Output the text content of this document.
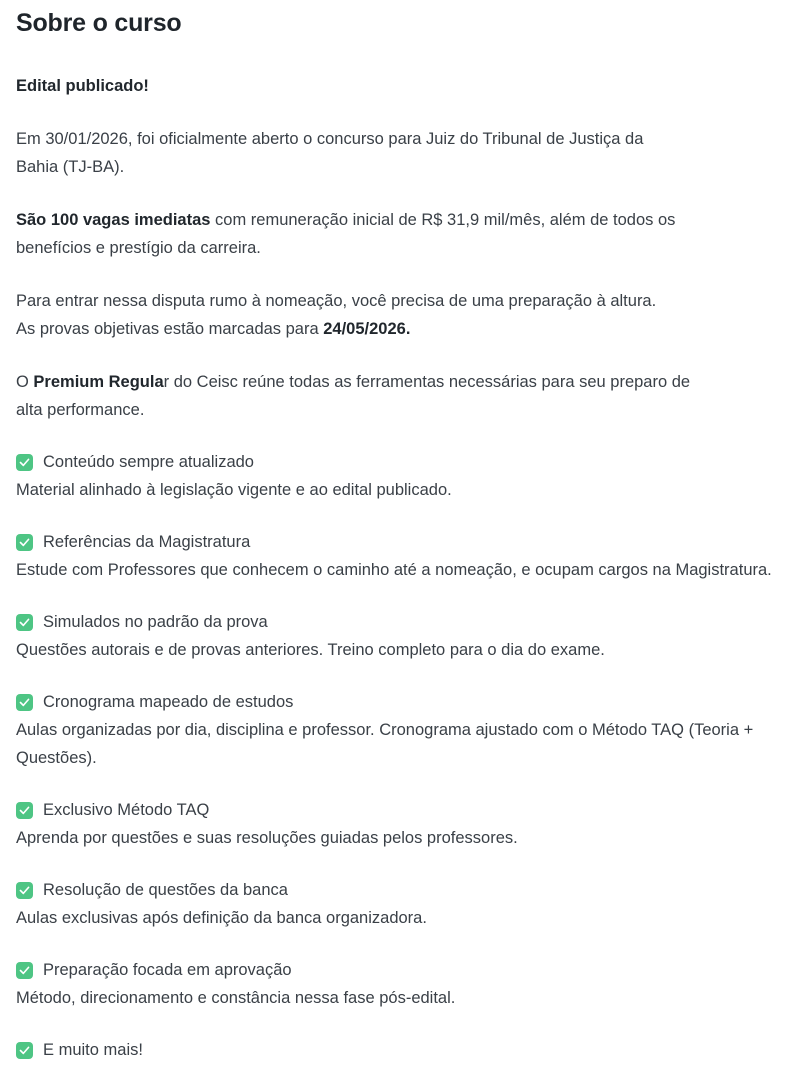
Sobre o curso

Edital publicado!

Em 30/01/2026, foi oficialmente aberto o concurso para Juiz do Tribunal de Justiça da
Bahia (TJ-BA).

São 100 vagas imediatas com remuneração inicial de R$ 31,9 mil/mês, além de todos os
benefícios e prestígio da carreira.

Para entrar nessa disputa rumo à nomeação, você precisa de uma preparação à altura.
As provas objetivas estão marcadas para 24/05/2026.

O Premium Regular do Ceisc reúne todas as ferramentas necessárias para seu preparo de
alta performance.

Conteúdo sempre atualizado
Material alinhado à legislação vigente e ao edital publicado.
Referências da Magistratura
Estude com Professores que conhecem o caminho até a nomeação, e ocupam cargos na Magistratura.
Simulados no padrão da prova
Questões autorais e de provas anteriores. Treino completo para o dia do exame.
Cronograma mapeado de estudos
Aulas organizadas por dia, disciplina e professor. Cronograma ajustado com o Método TAQ (Teoria + Questões).
Exclusivo Método TAQ
Aprenda por questões e suas resoluções guiadas pelos professores.
Resolução de questões da banca
Aulas exclusivas após definição da banca organizadora.
Preparação focada em aprovação
Método, direcionamento e constância nessa fase pós-edital.
E muito mais!
